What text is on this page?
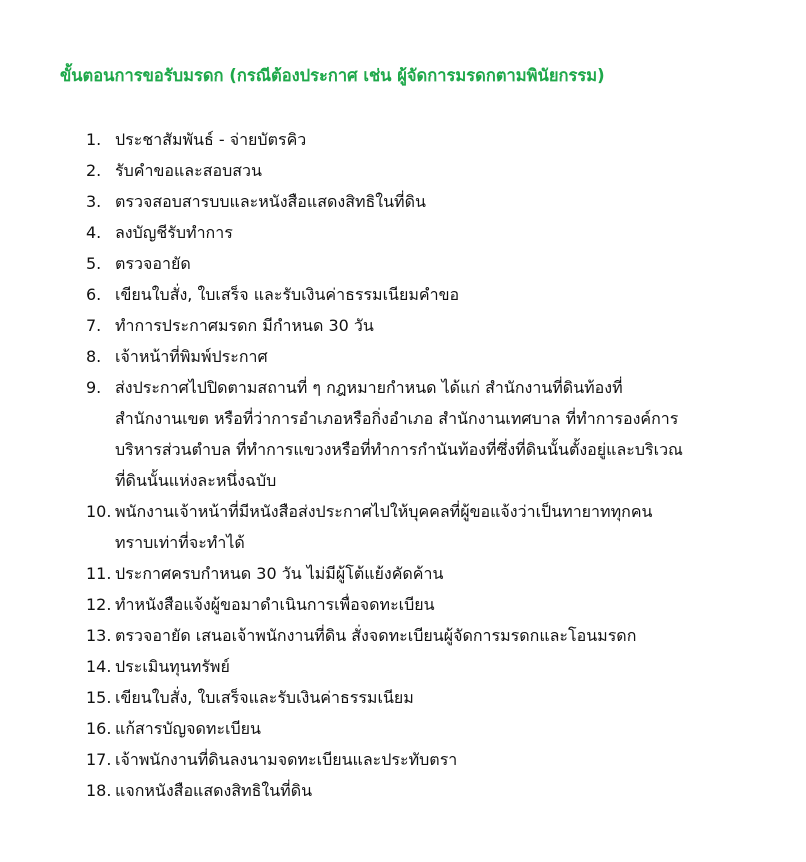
ขั้นตอนการขอรับมรดก (กรณีต้องประกาศ เช่น ผู้จัดการมรดกตามพินัยกรรม)
1. ประชาสัมพันธ์ - จ่ายบัตรคิว
2. รับคำขอและสอบสวน
3. ตรวจสอบสารบบและหนังสือแสดงสิทธิในที่ดิน
4. ลงบัญชีรับทำการ
5. ตรวจอายัด
6. เขียนใบสั่ง, ใบเสร็จ และรับเงินค่าธรรมเนียมคำขอ
7. ทำการประกาศมรดก มีกำหนด 30 วัน
8. เจ้าหน้าที่พิมพ์ประกาศ
9. ส่งประกาศไปปิดตามสถานที่ ๆ กฎหมายกำหนด ได้แก่ สำนักงานที่ดินท้องที่
สำนักงานเขต หรือที่ว่าการอำเภอหรือกิ่งอำเภอ สำนักงานเทศบาล ที่ทำการองค์การ
บริหารส่วนตำบล ที่ทำการแขวงหรือที่ทำการกำนันท้องที่ซึ่งที่ดินนั้นตั้งอยู่และบริเวณ
ที่ดินนั้นแห่งละหนึ่งฉบับ
10. พนักงานเจ้าหน้าที่มีหนังสือส่งประกาศไปให้บุคคลที่ผู้ขอแจ้งว่าเป็นทายาททุกคน
ทราบเท่าที่จะทำได้
11. ประกาศครบกำหนด 30 วัน ไม่มีผู้โต้แย้งคัดค้าน
12. ทำหนังสือแจ้งผู้ขอมาดำเนินการเพื่อจดทะเบียน
13. ตรวจอายัด เสนอเจ้าพนักงานที่ดิน สั่งจดทะเบียนผู้จัดการมรดกและโอนมรดก
14. ประเมินทุนทรัพย์
15. เขียนใบสั่ง, ใบเสร็จและรับเงินค่าธรรมเนียม
16. แก้สารบัญจดทะเบียน
17. เจ้าพนักงานที่ดินลงนามจดทะเบียนและประทับตรา
18. แจกหนังสือแสดงสิทธิในที่ดิน
